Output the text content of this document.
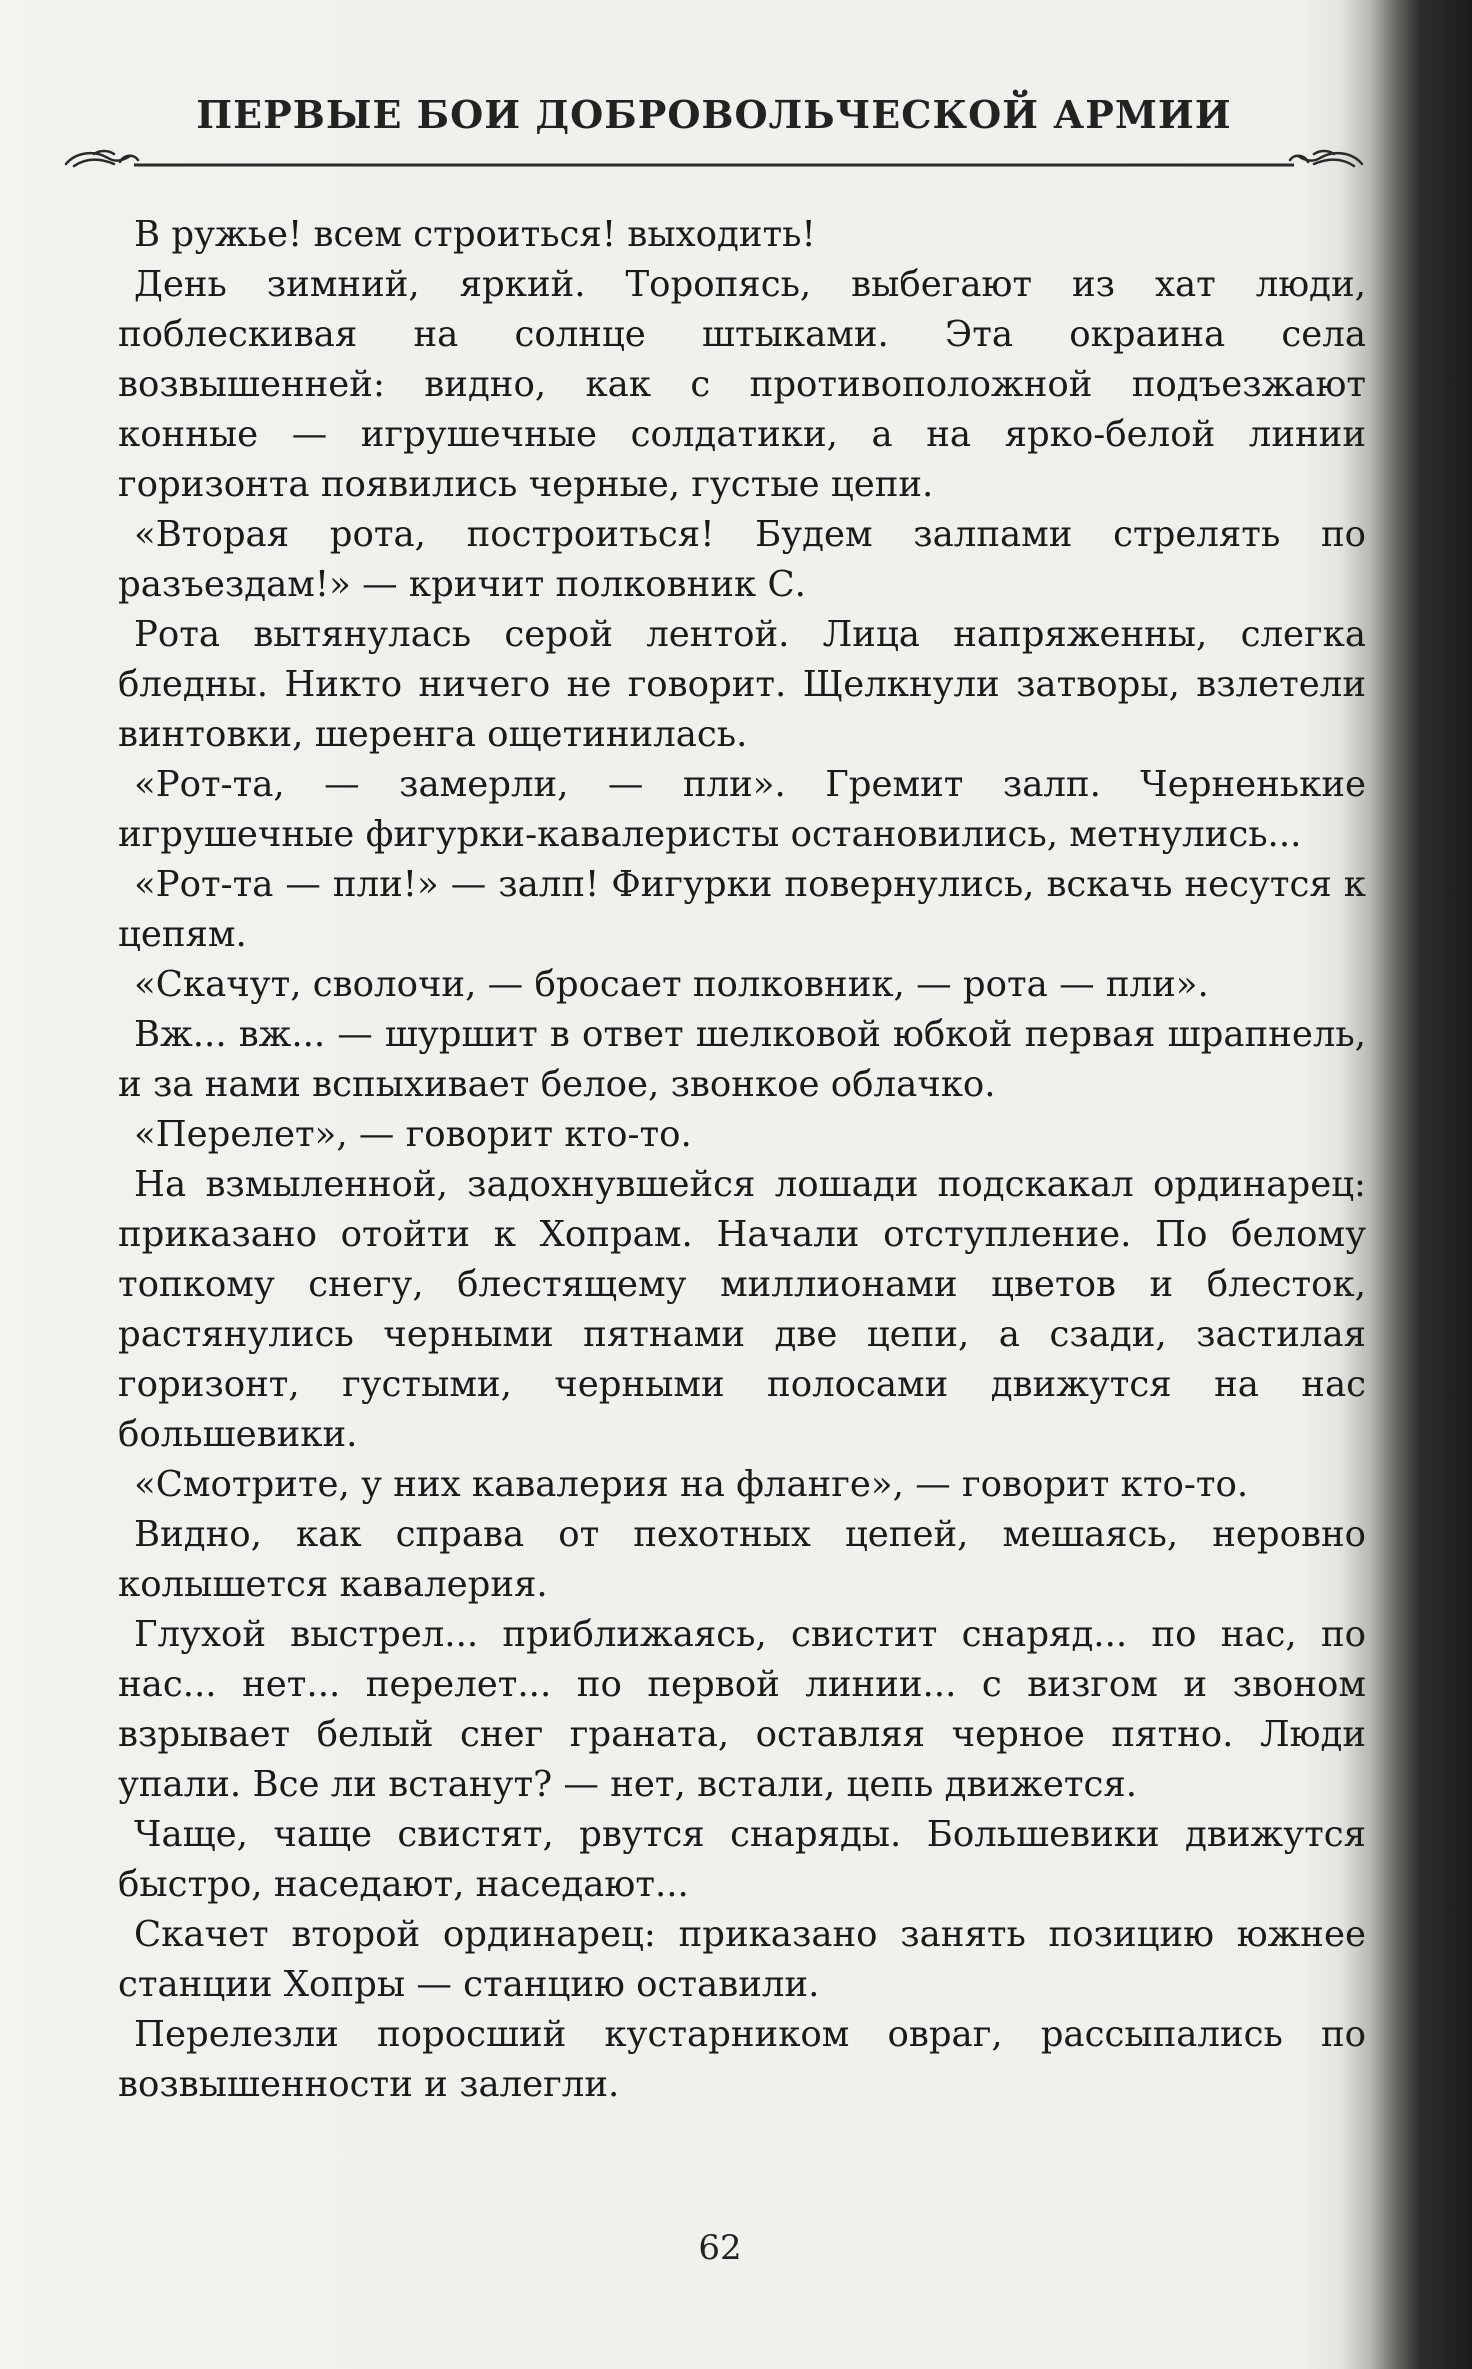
ПЕРВЫЕ БОИ ДОБРОВОЛЬЧЕСКОЙ АРМИИ

В ружье! всем строиться! выходить!

День зимний, яркий. Торопясь, выбегают из хат люди, поблескивая на солнце штыками. Эта окраина села возвышенней: видно, как с противоположной подъезжают конные — игрушечные солдатики, а на ярко-белой линии горизонта появились черные, густые цепи.

«Вторая рота, построиться! Будем залпами стрелять по разъездам!» — кричит полковник С.

Рота вытянулась серой лентой. Лица напряженны, слегка бледны. Никто ничего не говорит. Щелкнули затворы, взлетели винтовки, шеренга ощетинилась.

«Рот-та, — замерли, — пли». Гремит залп. Черненькие игрушечные фигурки-кавалеристы остановились, метнулись...

«Рот-та — пли!» — залп! Фигурки повернулись, вскачь несутся к цепям.

«Скачут, сволочи, — бросает полковник, — рота — пли».

Вж... вж... — шуршит в ответ шелковой юбкой первая шрапнель, и за нами вспыхивает белое, звонкое облачко.

«Перелет», — говорит кто-то.

На взмыленной, задохнувшейся лошади подскакал ординарец: приказано отойти к Хопрам. Начали отступление. По белому топкому снегу, блестящему миллионами цветов и блесток, растянулись черными пятнами две цепи, а сзади, застилая горизонт, густыми, черными полосами движутся на нас большевики.

«Смотрите, у них кавалерия на фланге», — говорит кто-то.

Видно, как справа от пехотных цепей, мешаясь, неровно колышется кавалерия.

Глухой выстрел... приближаясь, свистит снаряд... по нас, по нас... нет... перелет... по первой линии... с визгом и звоном взрывает белый снег граната, оставляя черное пятно. Люди упали. Все ли встанут? — нет, встали, цепь движется.

Чаще, чаще свистят, рвутся снаряды. Большевики движутся быстро, наседают, наседают...

Скачет второй ординарец: приказано занять позицию южнее станции Хопры — станцию оставили.

Перелезли поросший кустарником овраг, рассыпались по возвышенности и залегли.

62
